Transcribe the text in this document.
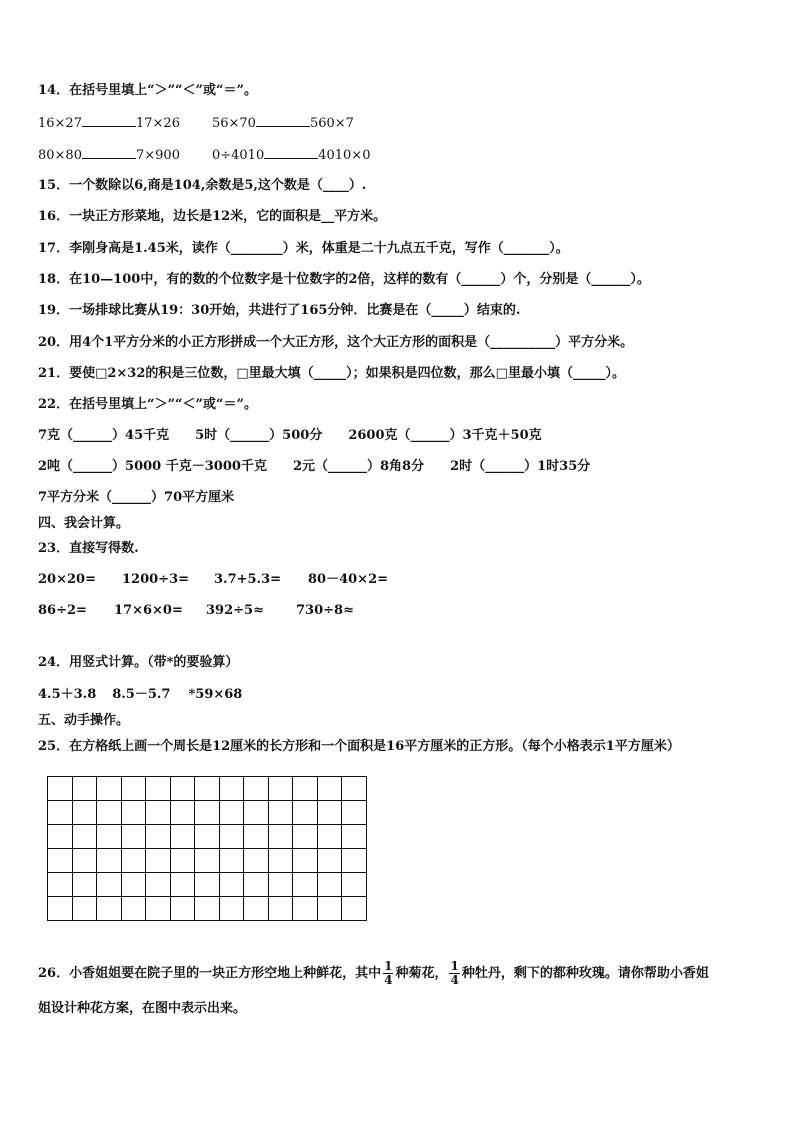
14．在括号里填上“＞”“＜”或“＝”。
16×27	17×26 56×70	560×7
80×80	7×900 0÷4010	4010×0
15．一个数除以6,商是104,余数是5,这个数是（____）.
16．一块正方形菜地，边长是12米，它的面积是__平方米。
17．李刚身高是1.45米，读作（________）米，体重是二十九点五千克，写作（_______）。
18．在10—100中，有的数的个位数字是十位数字的2倍，这样的数有（______）个，分别是（______）。
19．一场排球比赛从19：30开始，共进行了165分钟．比赛是在（_____）结束的.
20．用4个1平方分米的小正方形拼成一个大正方形，这个大正方形的面积是（__________）平方分米。
21．要使□2×32的积是三位数，□里最大填（_____）；如果积是四位数，那么□里最小填（_____）。
22．在括号里填上“＞”“＜”或“＝”。
7克（______）45千克 5时（______）500分 2600克（______）3千克＋50克
2吨（______）5000 千克－3000千克 2元（______）8角8分 2时（______）1时35分
7平方分米（______）70平方厘米
四、我会计算。
23．直接写得数.
20×20= 1200÷3= 3.7+5.3= 80－40×2=
86÷2= 17×6×0= 392÷5≈ 730÷8≈
24．用竖式计算。（带*的要验算）
4.5＋3.8 8.5－5.7 *59×68
五、动手操作。
25．在方格纸上画一个周长是12厘米的长方形和一个面积是16平方厘米的正方形。（每个小格表示1平方厘米）

26．小香姐姐要在院子里的一块正方形空地上种鲜花，其中 $\frac{1}{4}$ 种菊花， $\frac{1}{4}$ 种牡丹，剩下的都种玫瑰。请你帮助小香姐
姐设计种花方案，在图中表示出来。
